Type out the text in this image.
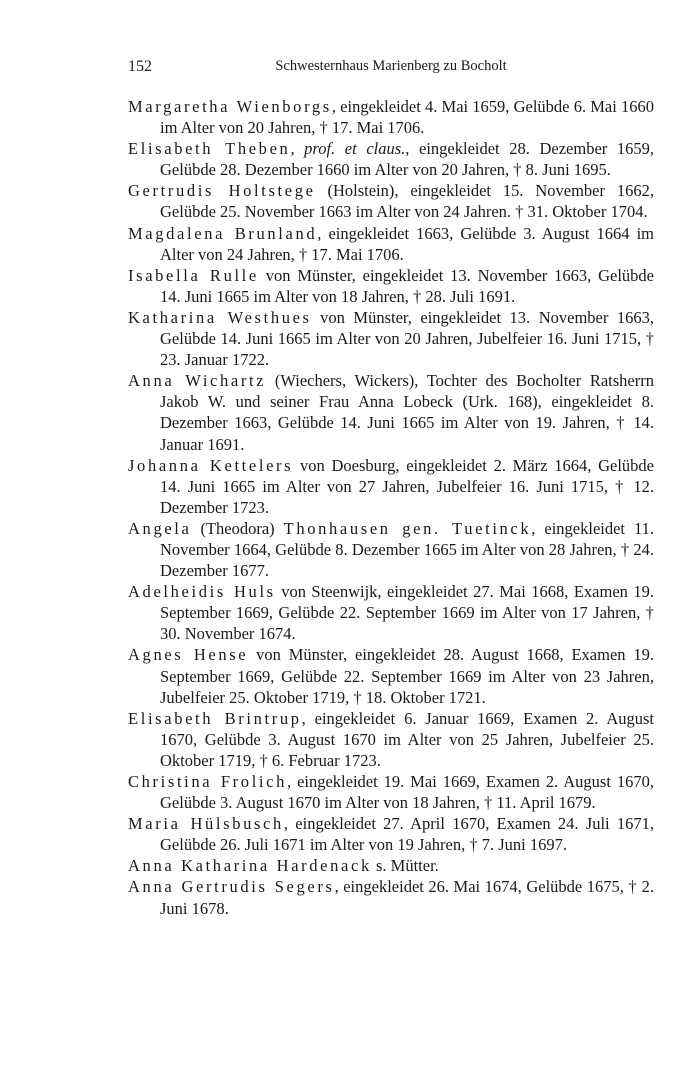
152	Schwesternhaus Marienberg zu Bocholt

Margaretha Wienborgs, eingekleidet 4. Mai 1659, Gelübde 6. Mai 1660 im Alter von 20 Jahren, † 17. Mai 1706.

Elisabeth Theben, prof. et claus., eingekleidet 28. Dezember 1659, Gelübde 28. Dezember 1660 im Alter von 20 Jahren, † 8. Juni 1695.

Gertrudis Holtstege (Holstein), eingekleidet 15. November 1662, Gelübde 25. November 1663 im Alter von 24 Jahren. † 31. Oktober 1704.

Magdalena Brunland, eingekleidet 1663, Gelübde 3. August 1664 im Alter von 24 Jahren, † 17. Mai 1706.

Isabella Rulle von Münster, eingekleidet 13. November 1663, Gelübde 14. Juni 1665 im Alter von 18 Jahren, † 28. Juli 1691.

Katharina Westhues von Münster, eingekleidet 13. November 1663, Gelübde 14. Juni 1665 im Alter von 20 Jahren, Jubelfeier 16. Juni 1715, † 23. Januar 1722.

Anna Wichartz (Wiechers, Wickers), Tochter des Bocholter Ratsherrn Jakob W. und seiner Frau Anna Lobeck (Urk. 168), eingekleidet 8. Dezember 1663, Gelübde 14. Juni 1665 im Alter von 19. Jahren, † 14. Januar 1691.

Johanna Kettelers von Doesburg, eingekleidet 2. März 1664, Gelübde 14. Juni 1665 im Alter von 27 Jahren, Jubelfeier 16. Juni 1715, † 12. Dezember 1723.

Angela (Theodora) Thonhausen gen. Tuetinck, eingekleidet 11. November 1664, Gelübde 8. Dezember 1665 im Alter von 28 Jahren, † 24. Dezember 1677.

Adelheidis Huls von Steenwijk, eingekleidet 27. Mai 1668, Examen 19. September 1669, Gelübde 22. September 1669 im Alter von 17 Jahren, † 30. November 1674.

Agnes Hense von Münster, eingekleidet 28. August 1668, Examen 19. September 1669, Gelübde 22. September 1669 im Alter von 23 Jahren, Jubelfeier 25. Oktober 1719, † 18. Oktober 1721.

Elisabeth Brintrup, eingekleidet 6. Januar 1669, Examen 2. August 1670, Gelübde 3. August 1670 im Alter von 25 Jahren, Jubelfeier 25. Oktober 1719, † 6. Februar 1723.

Christina Frolich, eingekleidet 19. Mai 1669, Examen 2. August 1670, Gelübde 3. August 1670 im Alter von 18 Jahren, † 11. April 1679.

Maria Hülsbusch, eingekleidet 27. April 1670, Examen 24. Juli 1671, Gelübde 26. Juli 1671 im Alter von 19 Jahren, † 7. Juni 1697.

Anna Katharina Hardenack s. Mütter.

Anna Gertrudis Segers, eingekleidet 26. Mai 1674, Gelübde 1675, † 2. Juni 1678.
